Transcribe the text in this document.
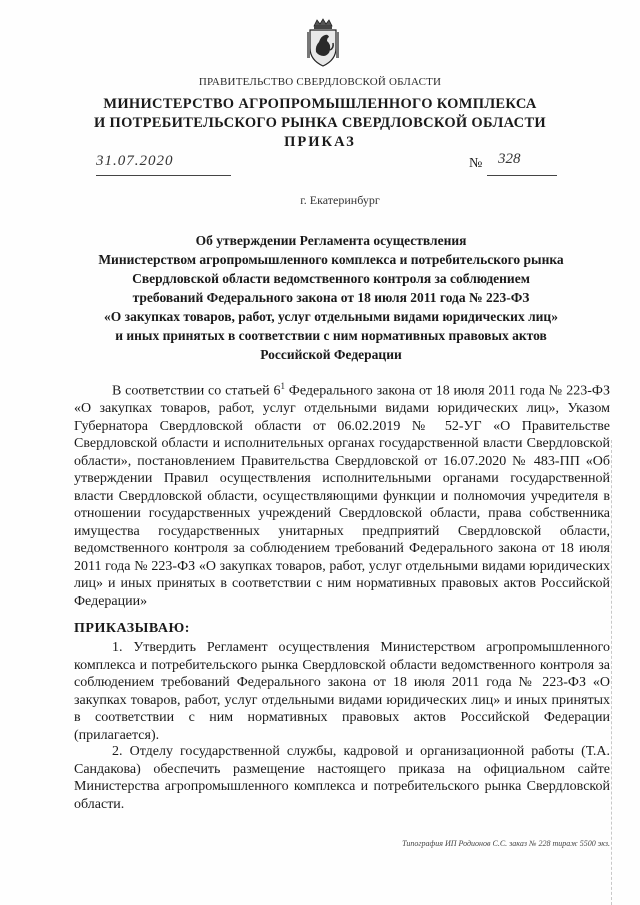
ПРАВИТЕЛЬСТВО СВЕРДЛОВСКОЙ ОБЛАСТИ
МИНИСТЕРСТВО АГРОПРОМЫШЛЕННОГО КОМПЛЕКСА
И ПОТРЕБИТЕЛЬСКОГО РЫНКА СВЕРДЛОВСКОЙ ОБЛАСТИ
ПРИКАЗ
31.07.2020	№ 328
г. Екатеринбург
Об утверждении Регламента осуществления
Министерством агропромышленного комплекса и потребительского рынка
Свердловской области ведомственного контроля за соблюдением
требований Федерального закона от 18 июля 2011 года № 223-ФЗ
«О закупках товаров, работ, услуг отдельными видами юридических лиц»
и иных принятых в соответствии с ним нормативных правовых актов
Российской Федерации

В соответствии со статьей $6^1$ Федерального закона от 18 июля 2011 года № 223-ФЗ «О закупках товаров, работ, услуг отдельными видами юридических лиц», Указом Губернатора Свердловской области от 06.02.2019 № 52-УГ «О Правительстве Свердловской области и исполнительных органах государственной власти Свердловской области», постановлением Правительства Свердловской от 16.07.2020 № 483-ПП «Об утверждении Правил осуществления исполнительными органами государственной власти Свердловской области, осуществляющими функции и полномочия учредителя в отношении государственных учреждений Свердловской области, права собственника имущества государственных унитарных предприятий Свердловской области, ведомственного контроля за соблюдением требований Федерального закона от 18 июля 2011 года № 223-ФЗ «О закупках товаров, работ, услуг отдельными видами юридических лиц» и иных принятых в соответствии с ним нормативных правовых актов Российской Федерации»

ПРИКАЗЫВАЮ:

1. Утвердить Регламент осуществления Министерством агропромышленного комплекса и потребительского рынка Свердловской области ведомственного контроля за соблюдением требований Федерального закона от 18 июля 2011 года № 223-ФЗ «О закупках товаров, работ, услуг отдельными видами юридических лиц» и иных принятых в соответствии с ним нормативных правовых актов Российской Федерации (прилагается).

2. Отделу государственной службы, кадровой и организационной работы (Т.А. Сандакова) обеспечить размещение настоящего приказа на официальном сайте Министерства агропромышленного комплекса и потребительского рынка Свердловской области.

Типография ИП Родионов С.С. заказ № 228 тираж 5500 экз.
